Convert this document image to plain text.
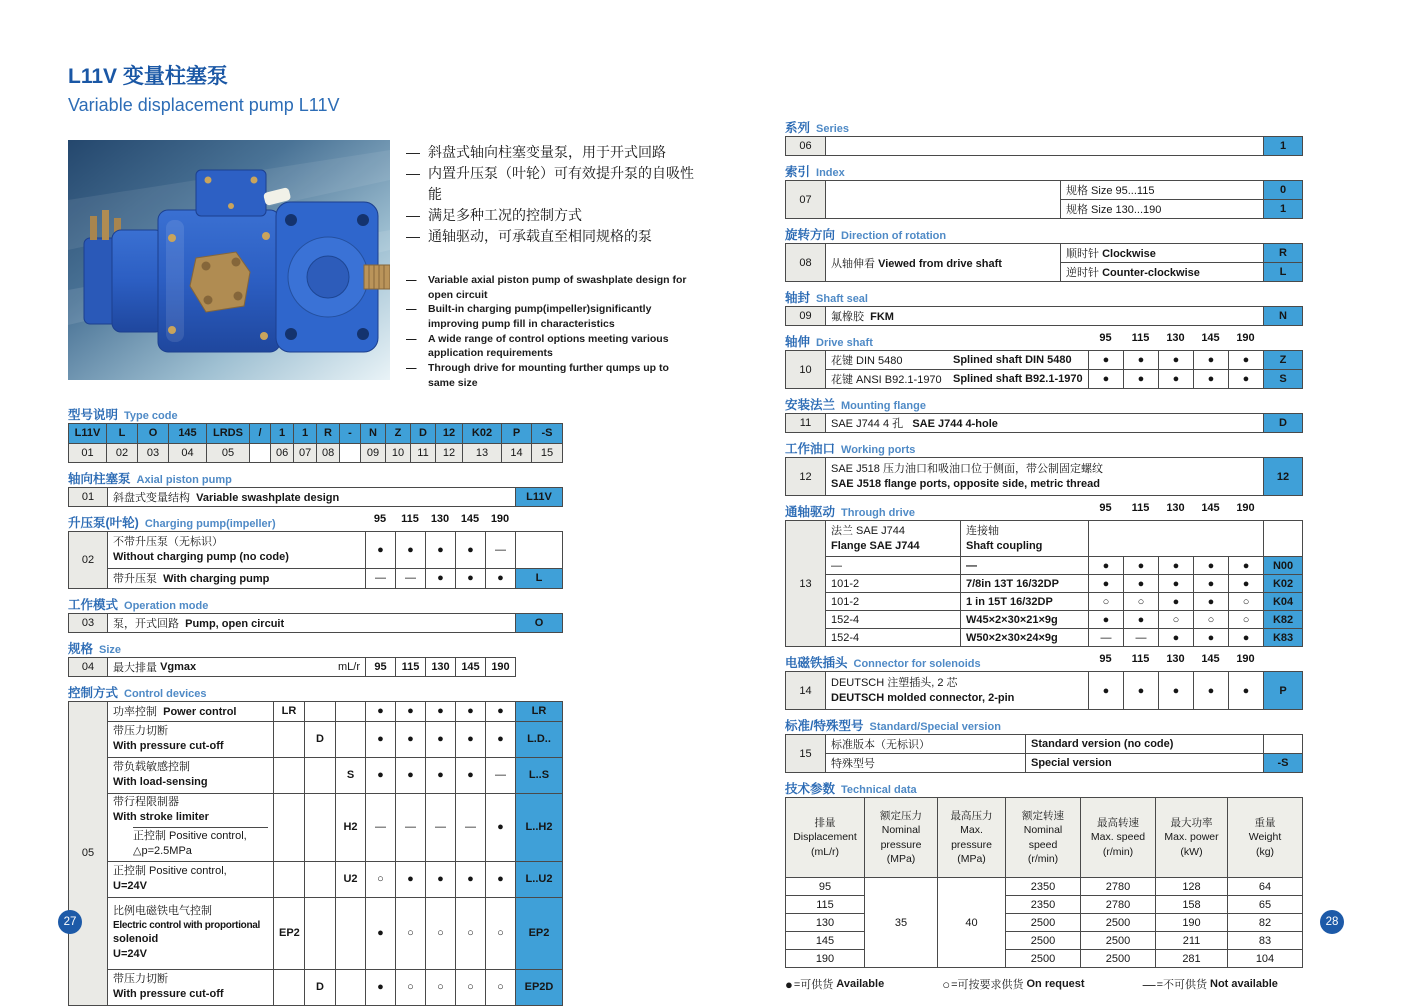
L11V 变量柱塞泵
Variable displacement pump L11V
— 斜盘式轴向柱塞变量泵，用于开式回路
— 内置升压泵（叶轮）可有效提升泵的自吸性能
— 满足多种工况的控制方式
— 通轴驱动，可承载直至相同规格的泵
—	Variable axial piston pump of swashplate design for open circuit
—	Built-in charging pump(impeller)significantly improving pump fill in characteristics
—	A wide range of control options meeting various application requirements
—	Through drive for mounting further qumps up to same size
型号说明 Type code
L11V	L	O	145	LRDS	/	1	1	R	-	N	Z	D	12	K02	P	-S
01	02	03	04	05		06	07	08		09	10	11	12	13	14	15
轴向柱塞泵 Axial piston pump
01	斜盘式变量结构 Variable swashplate design	L11V
升压泵(叶轮) Charging pump(impeller)	95	115	130	145	190
02	不带升压泵（无标识）
Without charging pump (no code)	●	●	●	●	—	
	带升压泵 With charging pump	—	—	●	●	●	L
工作模式 Operation mode
03	泵，开式回路 Pump, open circuit	O
规格 Size
04	最大排量
Vgmax	mL/r	95	115	130	145	190
控制方式 Control devices
05	功率控制 Power control	LR			●	●	●	●	●	LR

	带压力切断
With pressure cut-off		D		●	●	●	●	●	L.D..

	带负载敏感控制
With load-sensing			S	●	●	●	●	—	L..S

	带行程限制器
With stroke limiter
正控制 Positive control,
△p=2.5MPa			H2	—	—	—	—	●	L..H2

	正控制 Positive control,
U=24V			U2	○	●	●	●	●	L..U2

	比例电磁铁电气控制
Electric control with proportional
solenoid
U=24V	EP2			●	○	○	○	○	EP2

	带压力切断
With pressure cut-off		D		●	○	○	○	○	EP2D
系列 Series
06		1
索引 Index
07		规格 Size 95...115	0
		规格 Size 130...190	1
旋转方向 Direction of rotation
08	从轴伸看 Viewed from drive shaft	顺时针 Clockwise	R
		逆时针 Counter-clockwise	L
轴封 Shaft seal
09	氟橡胶 FKM	N
轴伸 Drive shaft	95	115	130	145	190
10	花键 DIN 5480 Splined shaft DIN 5480	●	●	●	●	●	Z

	花键 ANSI B92.1-1970 Splined shaft B92.1-1970	●	●	●	●	●	S
安装法兰 Mounting flange
11	SAE J744 4 孔 SAE J744 4-hole	D
工作油口 Working ports
12	
SAE J518 压力油口和吸油口位于侧面，带公制固定螺纹
SAE J518 flange ports, opposite side, metric thread
	12
通轴驱动 Through drive	95	115	130	145	190
13	
法兰 SAE J744
Flange SAE J744

连接轴
Shaft coupling

	—	—	●	●	●	●	●	N00
	101-2	7/8in 13T 16/32DP	●	●	●	●	●	K02
	101-2	1 in 15T 16/32DP	○	○	●	●	○	K04
	152-4	W45×2×30×21×9g	●	●	○	○	○	K82
	152-4	W50×2×30×24×9g	—	—	●	●	●	K83
电磁铁插头 Connector for solenoids	95	115	130	145	190
14	
DEUTSCH 注塑插头, 2 芯
DEUTSCH molded connector, 2-pin
	●	●	●	●	●	P
标准/特殊型号 Standard/Special version
15	标准版本（无标识）	Standard version (no code)	
	特殊型号	Special version	-S
技术参数 Technical data
排量
Displacement
(mL/r)

额定压力
Nominal
pressure
(MPa)

最高压力
Max.
pressure
(MPa)

额定转速
Nominal
speed
(r/min)

最高转速
Max. speed
(r/min)

最大功率
Max. power
(kW)

重量
Weight
(kg)

95	35	40	2350	2780	128	64
115			2350	2780	158	65
130			2500	2500	190	82
145			2500	2500	211	83
190			2500	2500	281	104
● =可供货 Available	○ =可按要求供货 On request	— =不可供货 Not available
27	28
